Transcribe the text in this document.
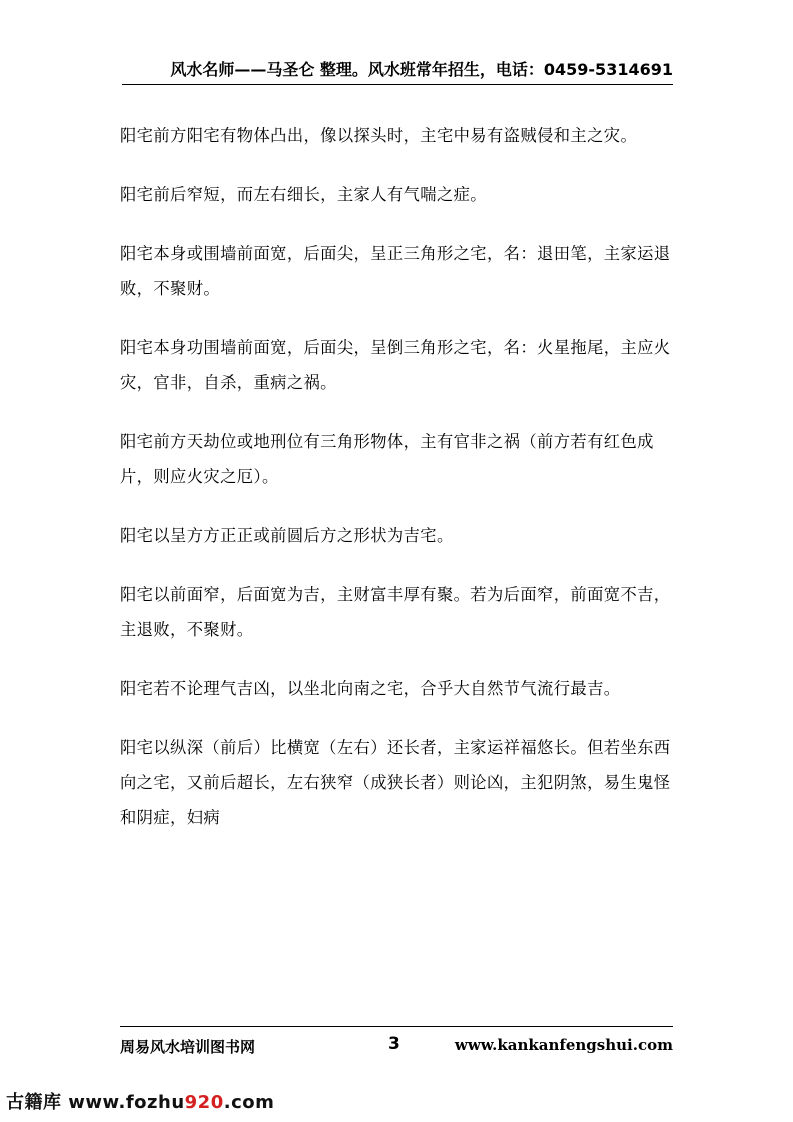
风水名师——马圣仑 整理。风水班常年招生，电话：0459-5314691

阳宅前方阳宅有物体凸出，像以探头时，主宅中易有盗贼侵和主之灾。

阳宅前后窄短，而左右细长，主家人有气喘之症。

阳宅本身或围墙前面宽，后面尖，呈正三角形之宅，名：退田笔，主家运退败，不聚财。

阳宅本身功围墙前面宽，后面尖，呈倒三角形之宅，名：火星拖尾，主应火灾，官非，自杀，重病之祸。

阳宅前方天劫位或地刑位有三角形物体，主有官非之祸（前方若有红色成片，则应火灾之厄）。

阳宅以呈方方正正或前圆后方之形状为吉宅。

阳宅以前面窄，后面宽为吉，主财富丰厚有聚。若为后面窄，前面宽不吉，主退败，不聚财。

阳宅若不论理气吉凶，以坐北向南之宅，合乎大自然节气流行最吉。

阳宅以纵深（前后）比横宽（左右）还长者，主家运祥福悠长。但若坐东西向之宅，又前后超长，左右狭窄（成狭长者）则论凶，主犯阴煞，易生鬼怪和阴症，妇病

周易风水培训图书网	3	www.kankanfengshui.com
古籍库 www.fozhu920.com
